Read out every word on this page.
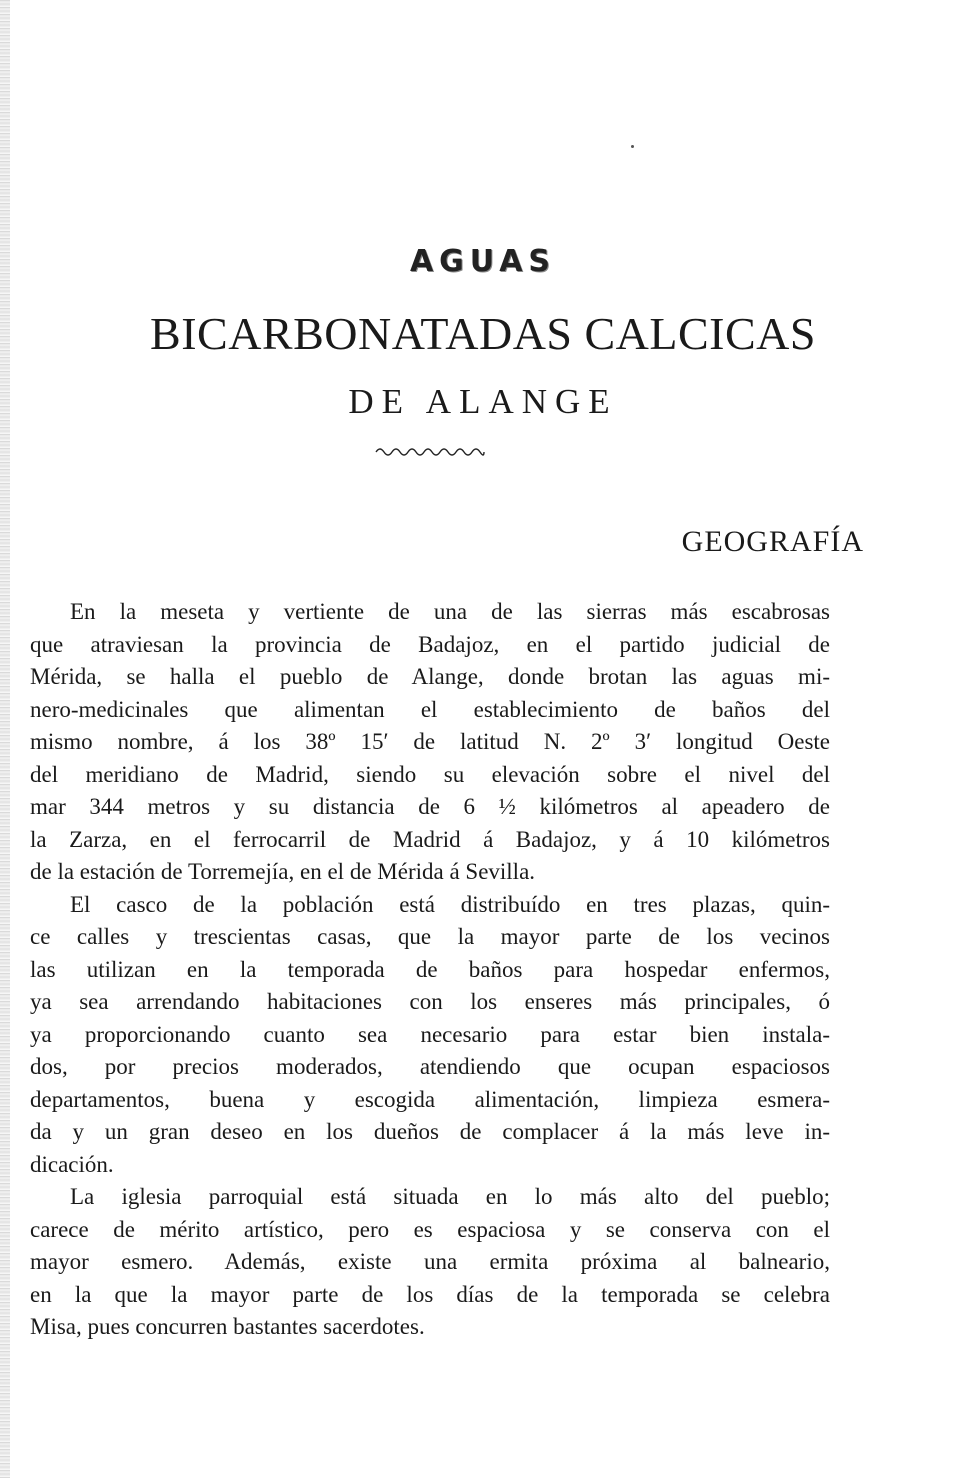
AGUAS
BICARBONATADAS CALCICAS
DE ALANGE
GEOGRAFÍA
En la meseta y vertiente de una de las sierras más escabrosas
que atraviesan la provincia de Badajoz, en el partido judicial de
Mérida, se halla el pueblo de Alange, donde brotan las aguas mi-
nero-medicinales que alimentan el establecimiento de baños del
mismo nombre, á los 38º 15′ de latitud N. 2º 3′ longitud Oeste
del meridiano de Madrid, siendo su elevación sobre el nivel del
mar 344 metros y su distancia de 6 ½ kilómetros al apeadero de
la Zarza, en el ferrocarril de Madrid á Badajoz, y á 10 kilómetros
de la estación de Torremejía, en el de Mérida á Sevilla.
El casco de la población está distribuído en tres plazas, quin-
ce calles y trescientas casas, que la mayor parte de los vecinos
las utilizan en la temporada de baños para hospedar enfermos,
ya sea arrendando habitaciones con los enseres más principales, ó
ya proporcionando cuanto sea necesario para estar bien instala-
dos, por precios moderados, atendiendo que ocupan espaciosos
departamentos, buena y escogida alimentación, limpieza esmera-
da y un gran deseo en los dueños de complacer á la más leve in-
dicación.
La iglesia parroquial está situada en lo más alto del pueblo;
carece de mérito artístico, pero es espaciosa y se conserva con el
mayor esmero. Además, existe una ermita próxima al balneario,
en la que la mayor parte de los días de la temporada se celebra
Misa, pues concurren bastantes sacerdotes.
